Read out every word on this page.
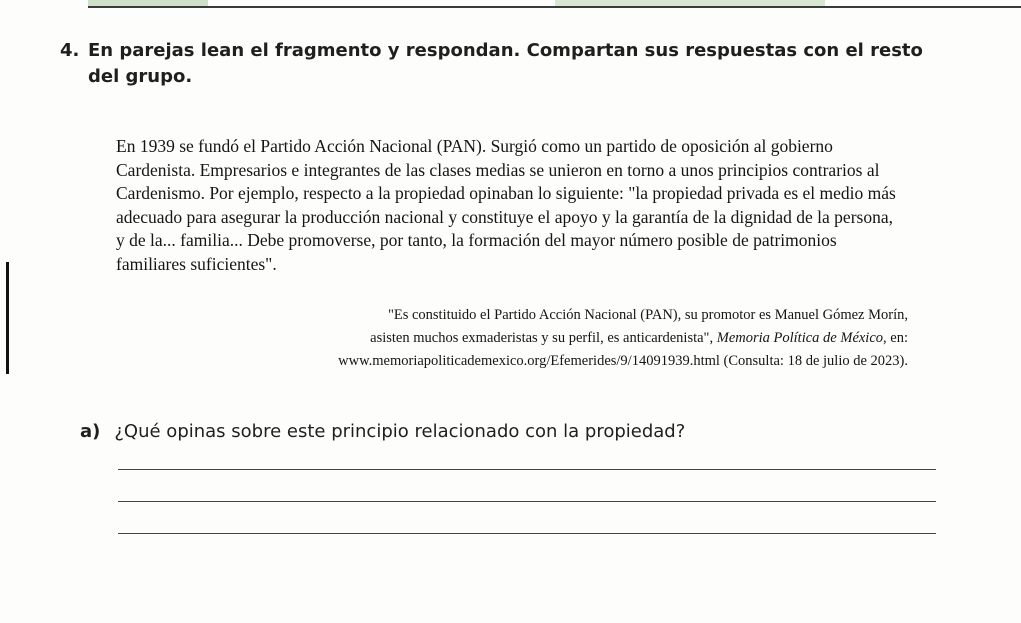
4. En parejas lean el fragmento y respondan. Compartan sus respuestas con el resto del grupo.

En 1939 se fundó el Partido Acción Nacional (PAN). Surgió como un partido de oposición al gobierno Cardenista. Empresarios e integrantes de las clases medias se unieron en torno a unos principios contrarios al Cardenismo. Por ejemplo, respecto a la propiedad opinaban lo siguiente: "la propiedad privada es el medio más adecuado para asegurar la producción nacional y constituye el apoyo y la garantía de la dignidad de la persona, y de la... familia... Debe promoverse, por tanto, la formación del mayor número posible de patrimonios familiares suficientes".

"Es constituido el Partido Acción Nacional (PAN), su promotor es Manuel Gómez Morín,

asisten muchos exmaderistas y su perfil, es anticardenista", Memoria Política de México, en:

www.memoriapoliticademexico.org/Efemerides/9/14091939.html (Consulta: 18 de julio de 2023).

a) ¿Qué opinas sobre este principio relacionado con la propiedad?
